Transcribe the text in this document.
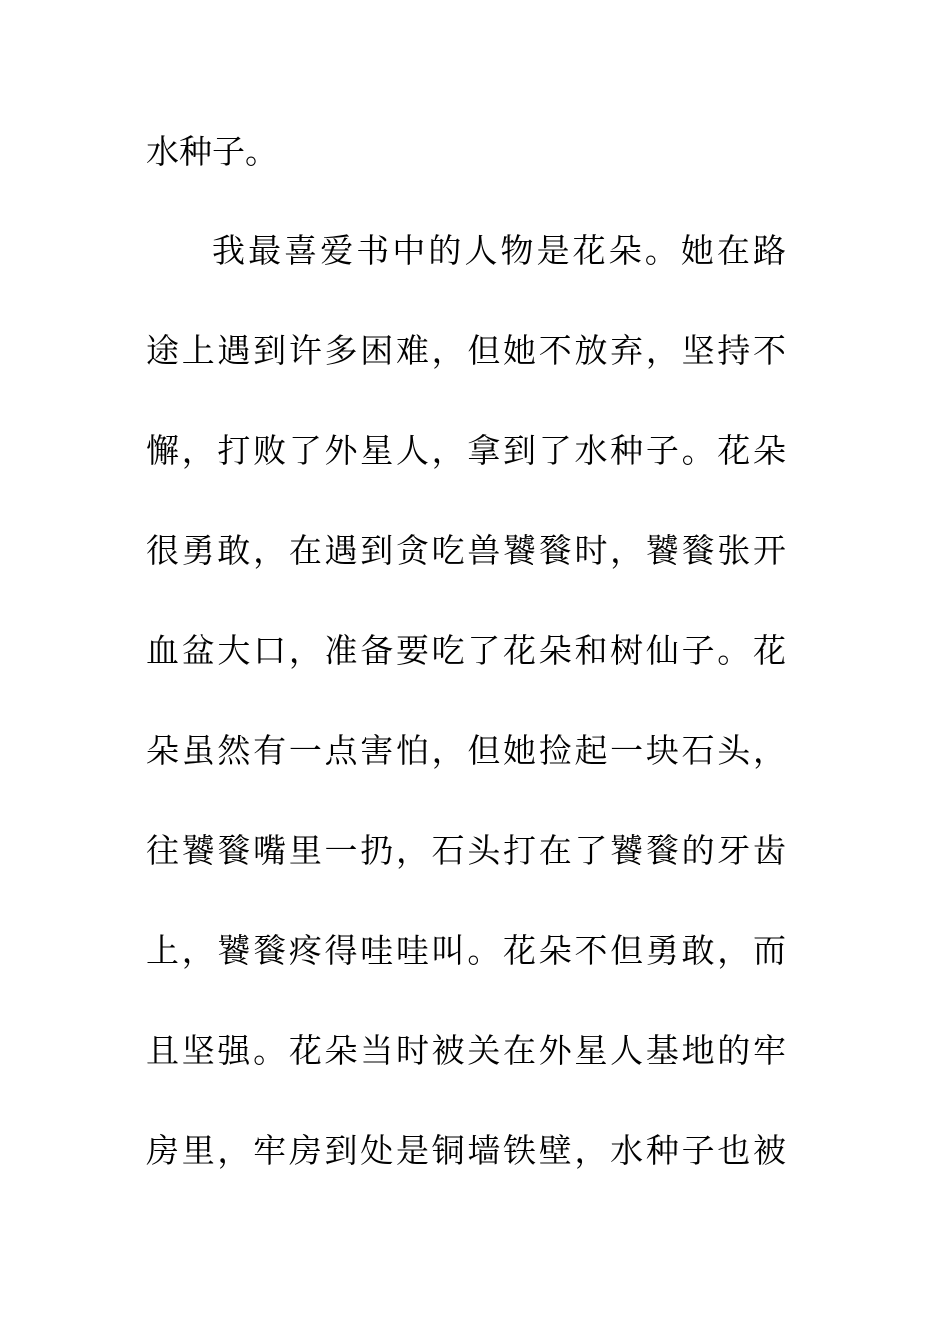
水种子。
我最喜爱书中的人物是花朵。她在路
途上遇到许多困难，但她不放弃，坚持不
懈，打败了外星人，拿到了水种子。花朵
很勇敢，在遇到贪吃兽饕餮时，饕餮张开
血盆大口，准备要吃了花朵和树仙子。花
朵虽然有一点害怕，但她捡起一块石头，
往饕餮嘴里一扔，石头打在了饕餮的牙齿
上，饕餮疼得哇哇叫。花朵不但勇敢，而
且坚强。花朵当时被关在外星人基地的牢
房里，牢房到处是铜墙铁壁，水种子也被
